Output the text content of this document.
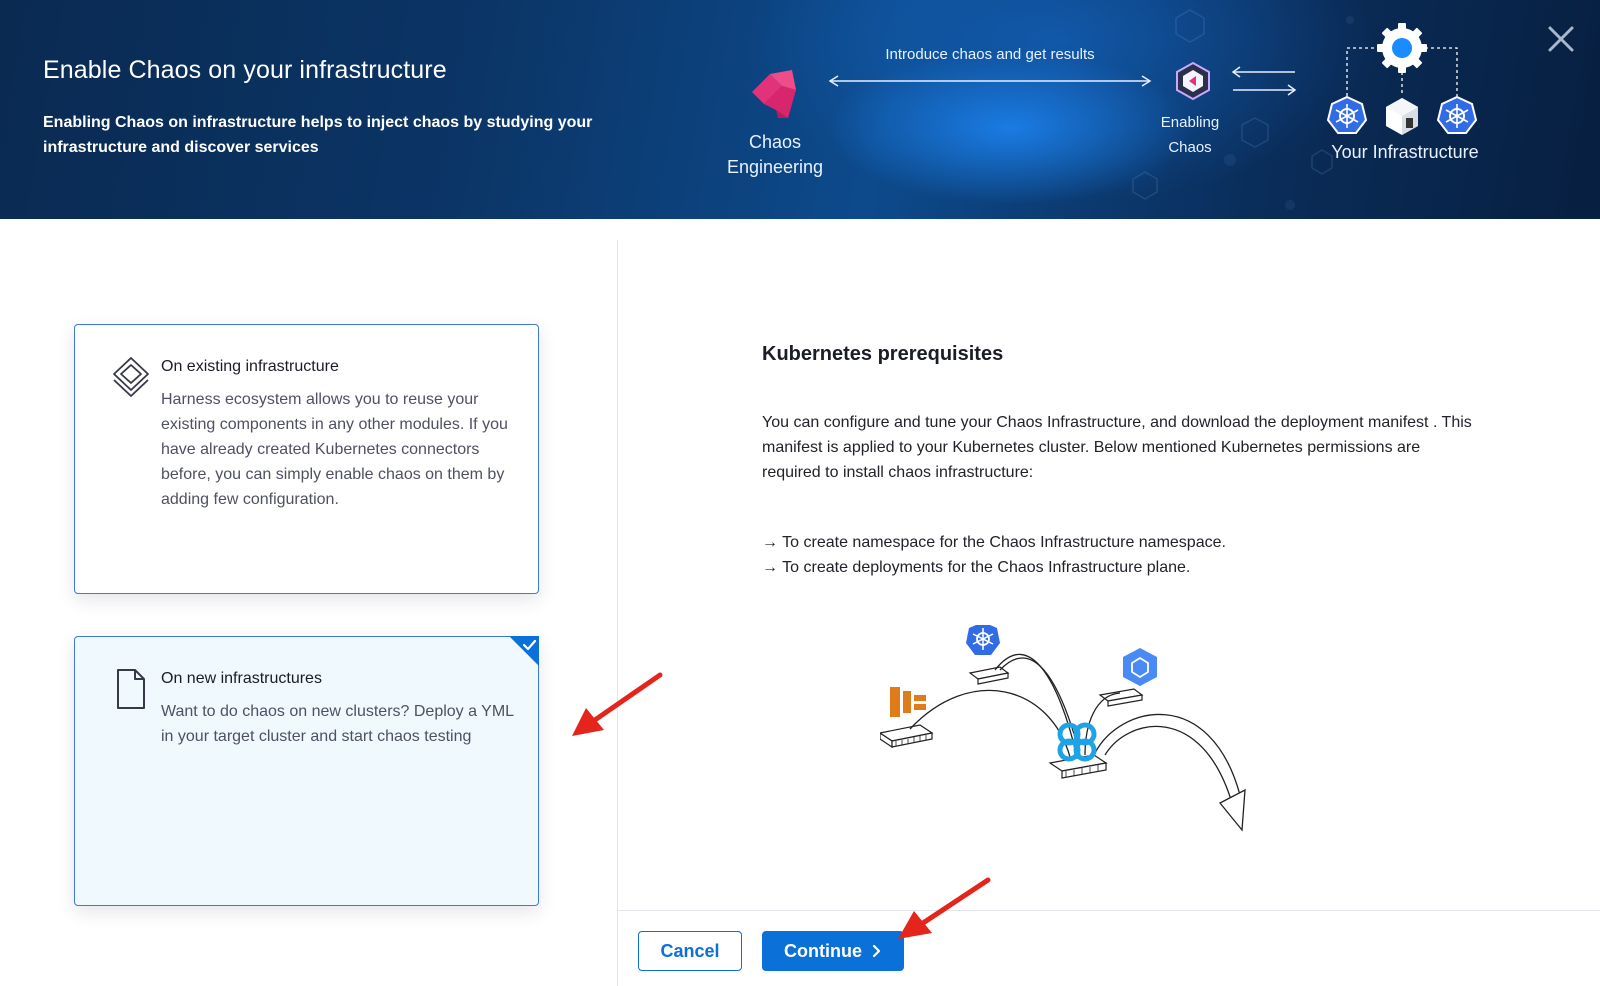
Enable Chaos on your infrastructure
Enabling Chaos on infrastructure helps to inject chaos by studying your infrastructure and discover services	Chaos Engineering
Introduce chaos and get results
Enabling Chaos	Your Infrastructure
On existing infrastructure
Harness ecosystem allows you to reuse your existing components in any other modules. If you have already created Kubernetes connectors before, you can simply enable chaos on them by adding few configuration.
On new infrastructures
Want to do chaos on new clusters? Deploy a YML in your target cluster and start chaos testing
Kubernetes prerequisites
You can configure and tune your Chaos Infrastructure, and download the deployment manifest . This manifest is applied to your Kubernetes cluster. Below mentioned Kubernetes permissions are required to install chaos infrastructure:
→ To create namespace for the Chaos Infrastructure namespace.
→ To create deployments for the Chaos Infrastructure plane.
Cancel	Continue
